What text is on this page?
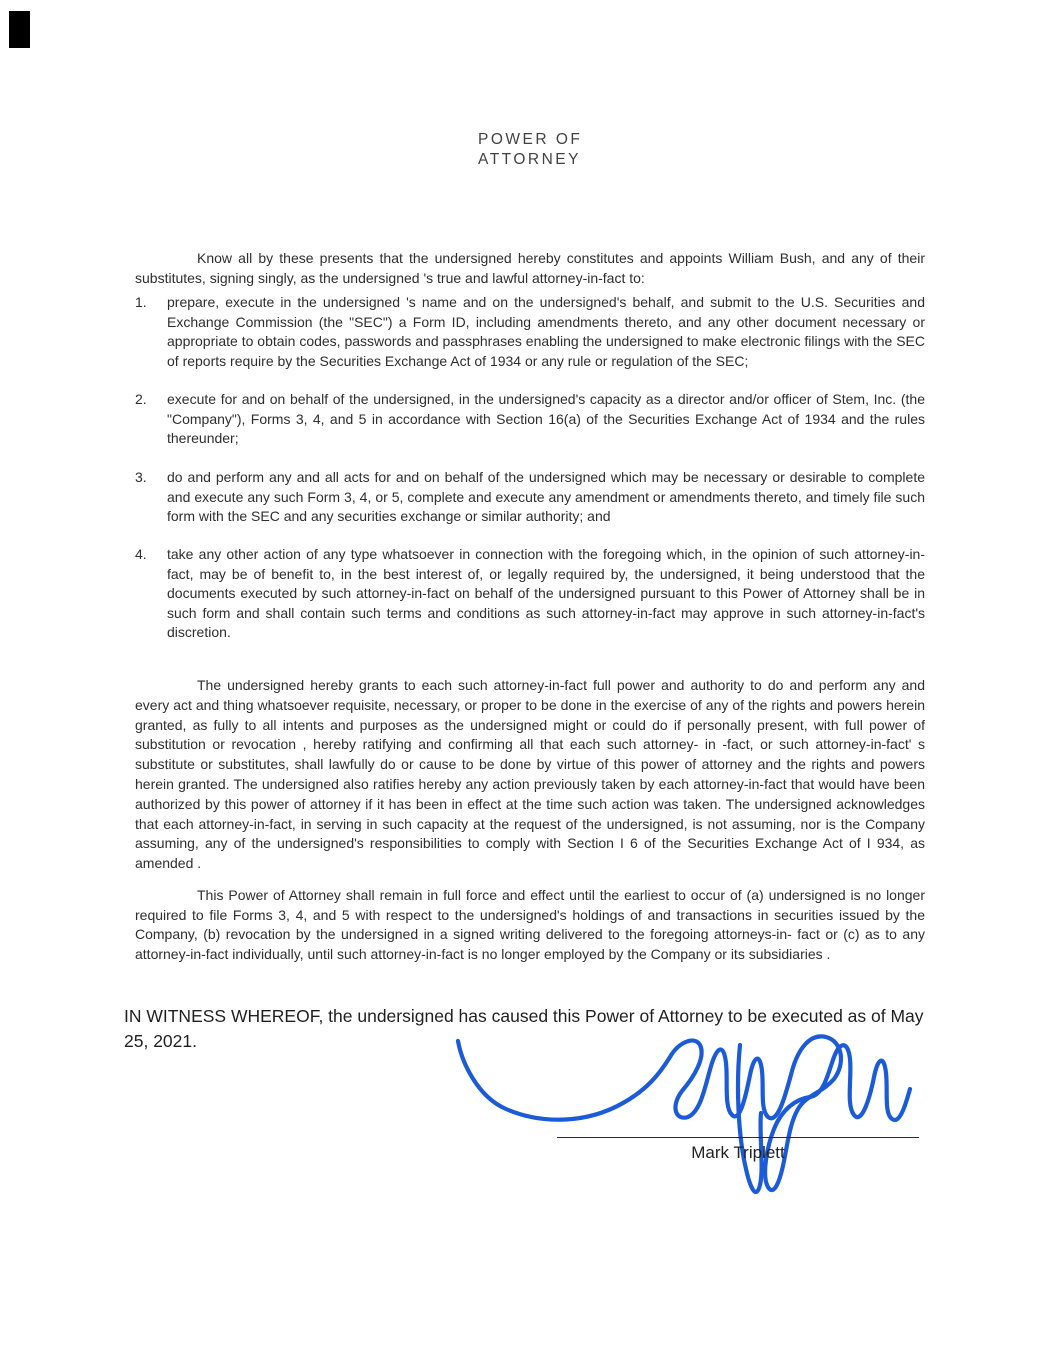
POWER OF
ATTORNEY

Know all by these presents that the undersigned hereby constitutes and appoints William Bush, and any of their substitutes, signing singly, as the undersigned 's true and lawful attorney-in-fact to:

1.	prepare, execute in the undersigned 's name and on the undersigned's behalf, and submit to the U.S. Securities and Exchange Commission (the "SEC") a Form ID, including amendments thereto, and any other document necessary or appropriate to obtain codes, passwords and passphrases enabling the undersigned to make electronic filings with the SEC of reports require by the Securities Exchange Act of 1934 or any rule or regulation of the SEC;
2.	execute for and on behalf of the undersigned, in the undersigned's capacity as a director and/or officer of Stem, Inc. (the "Company"), Forms 3, 4, and 5 in accordance with Section 16(a) of the Securities Exchange Act of 1934 and the rules thereunder;
3.	do and perform any and all acts for and on behalf of the undersigned which may be necessary or desirable to complete and execute any such Form 3, 4, or 5, complete and execute any amendment or amendments thereto, and timely file such form with the SEC and any securities exchange or similar authority; and
4.	take any other action of any type whatsoever in connection with the foregoing which, in the opinion of such attorney-in-fact, may be of benefit to, in the best interest of, or legally required by, the undersigned, it being understood that the documents executed by such attorney-in-fact on behalf of the undersigned pursuant to this Power of Attorney shall be in such form and shall contain such terms and conditions as such attorney-in-fact may approve in such attorney-in-fact's discretion.

The undersigned hereby grants to each such attorney-in-fact full power and authority to do and perform any and every act and thing whatsoever requisite, necessary, or proper to be done in the exercise of any of the rights and powers herein granted, as fully to all intents and purposes as the undersigned might or could do if personally present, with full power of substitution or revocation , hereby ratifying and confirming all that each such attorney- in -fact, or such attorney-in-fact' s substitute or substitutes, shall lawfully do or cause to be done by virtue of this power of attorney and the rights and powers herein granted. The undersigned also ratifies hereby any action previously taken by each attorney-in-fact that would have been authorized by this power of attorney if it has been in effect at the time such action was taken. The undersigned acknowledges that each attorney-in-fact, in serving in such capacity at the request of the undersigned, is not assuming, nor is the Company assuming, any of the undersigned's responsibilities to comply with Section I 6 of the Securities Exchange Act of I 934, as amended .

This Power of Attorney shall remain in full force and effect until the earliest to occur of (a) undersigned is no longer required to file Forms 3, 4, and 5 with respect to the undersigned's holdings of and transactions in securities issued by the Company, (b) revocation by the undersigned in a signed writing delivered to the foregoing attorneys-in- fact or (c) as to any attorney-in-fact individually, until such attorney-in-fact is no longer employed by the Company or its subsidiaries .

IN WITNESS WHEREOF, the undersigned has caused this Power of Attorney to be executed as of May 25, 2021.

Mark Triplett
